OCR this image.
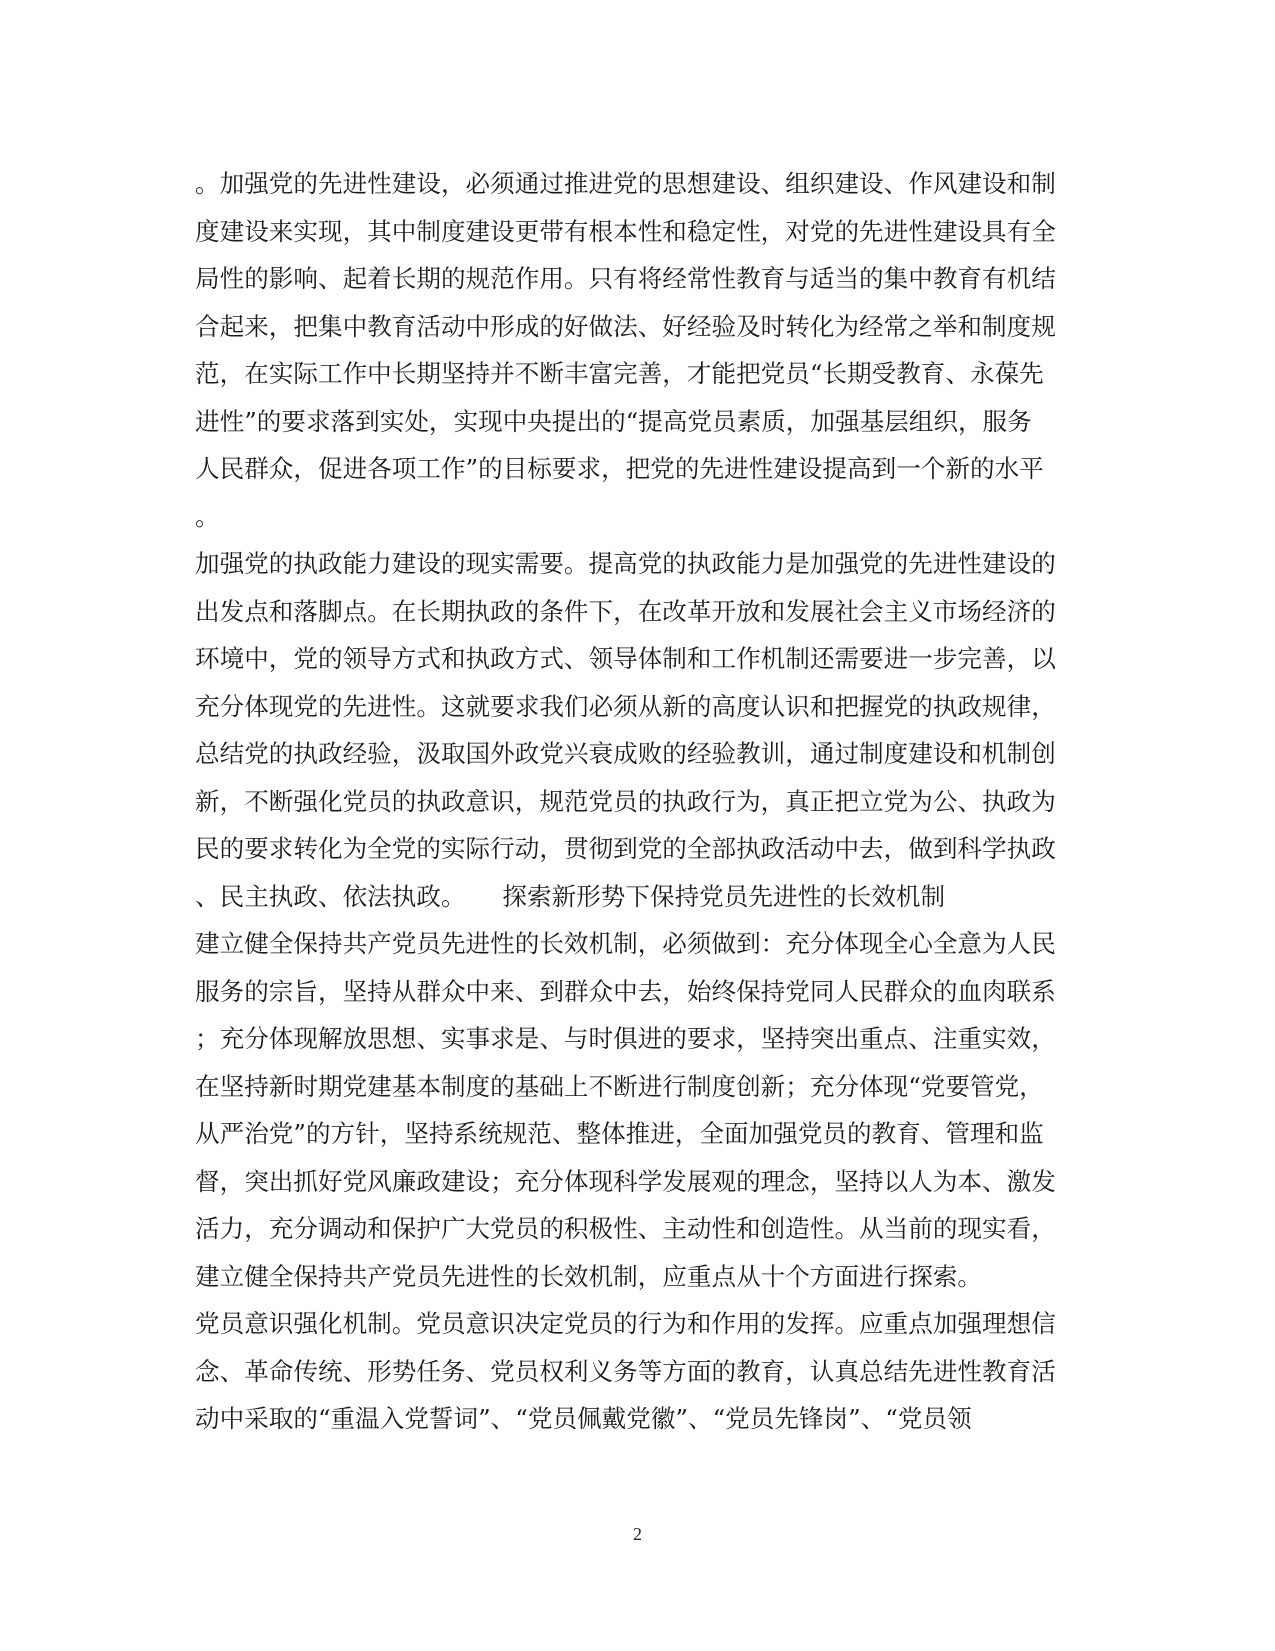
。加强党的先进性建设，必须通过推进党的思想建设、组织建设、作风建设和制
度建设来实现，其中制度建设更带有根本性和稳定性，对党的先进性建设具有全
局性的影响、起着长期的规范作用。只有将经常性教育与适当的集中教育有机结
合起来，把集中教育活动中形成的好做法、好经验及时转化为经常之举和制度规
范，在实际工作中长期坚持并不断丰富完善，才能把党员“长期受教育、永葆先
进性”的要求落到实处，实现中央提出的“提高党员素质，加强基层组织，服务
人民群众，促进各项工作”的目标要求，把党的先进性建设提高到一个新的水平
。
加强党的执政能力建设的现实需要。提高党的执政能力是加强党的先进性建设的
出发点和落脚点。在长期执政的条件下，在改革开放和发展社会主义市场经济的
环境中，党的领导方式和执政方式、领导体制和工作机制还需要进一步完善，以
充分体现党的先进性。这就要求我们必须从新的高度认识和把握党的执政规律，
总结党的执政经验，汲取国外政党兴衰成败的经验教训，通过制度建设和机制创
新，不断强化党员的执政意识，规范党员的执政行为，真正把立党为公、执政为
民的要求转化为全党的实际行动，贯彻到党的全部执政活动中去，做到科学执政
、民主执政、依法执政。　　探索新形势下保持党员先进性的长效机制
建立健全保持共产党员先进性的长效机制，必须做到：充分体现全心全意为人民
服务的宗旨，坚持从群众中来、到群众中去，始终保持党同人民群众的血肉联系
；充分体现解放思想、实事求是、与时俱进的要求，坚持突出重点、注重实效，
在坚持新时期党建基本制度的基础上不断进行制度创新；充分体现“党要管党，
从严治党”的方针，坚持系统规范、整体推进，全面加强党员的教育、管理和监
督，突出抓好党风廉政建设；充分体现科学发展观的理念，坚持以人为本、激发
活力，充分调动和保护广大党员的积极性、主动性和创造性。从当前的现实看，
建立健全保持共产党员先进性的长效机制，应重点从十个方面进行探索。
党员意识强化机制。党员意识决定党员的行为和作用的发挥。应重点加强理想信
念、革命传统、形势任务、党员权利义务等方面的教育，认真总结先进性教育活
动中采取的“重温入党誓词”、“党员佩戴党徽”、“党员先锋岗”、“党员领
2
